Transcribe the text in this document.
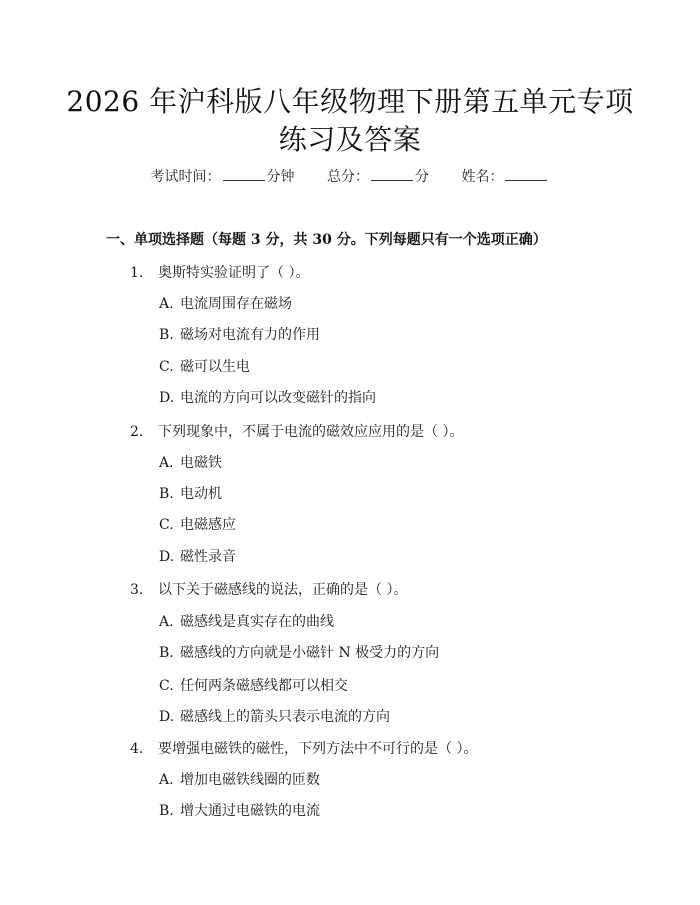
2026 年沪科版八年级物理下册第五单元专项
练习及答案
考试时间：	分钟 总分：	分 姓名：
一、单项选择题（每题 3 分，共 30 分。下列每题只有一个选项正确）
1. 奥斯特实验证明了（ ）。
A. 电流周围存在磁场
B. 磁场对电流有力的作用
C. 磁可以生电
D. 电流的方向可以改变磁针的指向
2. 下列现象中，不属于电流的磁效应应用的是（ ）。
A. 电磁铁
B. 电动机
C. 电磁感应
D. 磁性录音
3. 以下关于磁感线的说法，正确的是（ ）。
A. 磁感线是真实存在的曲线
B. 磁感线的方向就是小磁针 N 极受力的方向
C. 任何两条磁感线都可以相交
D. 磁感线上的箭头只表示电流的方向
4. 要增强电磁铁的磁性，下列方法中不可行的是（ ）。
A. 增加电磁铁线圈的匝数
B. 增大通过电磁铁的电流
